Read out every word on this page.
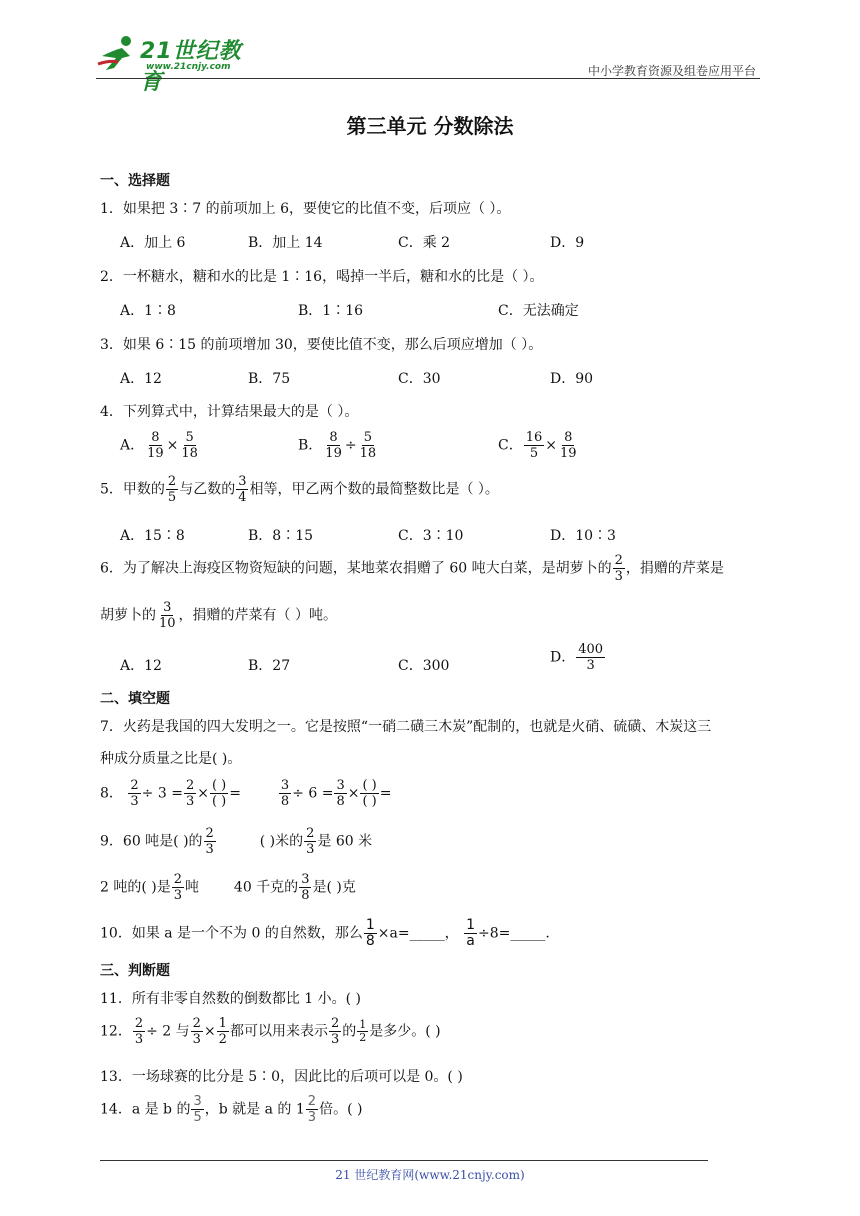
21世纪教育
www.21cnjy.com	中小学教育资源及组卷应用平台
第三单元 分数除法
一、选择题
1．如果把 3∶7 的前项加上 6，要使它的比值不变，后项应（ ）。
A．加上 6	B．加上 14	C．乘 2	D．9
2．一杯糖水，糖和水的比是 1∶16，喝掉一半后，糖和水的比是（ ）。
A．1∶8	B．1∶16	C．无法确定
3．如果 6∶15 的前项增加 30，要使比值不变，那么后项应增加（ ）。
A．12	B．75	C．30	D．90
4．下列算式中，计算结果最大的是（ ）。
A． $\frac{8}{19} \times \frac{5}{18}$	B． $\frac{8}{19} \div \frac{5}{18}$	C． $\frac{16}{5} \times \frac{8}{19}$
5．甲数的 $\frac{2}{5}$ 与乙数的 $\frac{3}{4}$ 相等，甲乙两个数的最简整数比是（ ）。
A．15∶8	B．8∶15	C．3∶10	D．10∶3
6．为了解决上海疫区物资短缺的问题，某地菜农捐赠了 60 吨大白菜，是胡萝卜的 $\frac{2}{3}$ ，捐赠的芹菜是
胡萝卜的 $\frac{3}{10}$ ，捐赠的芹菜有（ ）吨。
A．12	B．27	C．300
D． $\frac{400}{3}$
二、填空题
7．火药是我国的四大发明之一。它是按照“一硝二磺三木炭”配制的，也就是火硝、硫磺、木炭这三
种成分质量之比是( )。
8． $\frac{2}{3} \div 3 = \frac{2}{3} \times \frac{( )}{( )}$ =	$\frac{3}{8} \div 6 = \frac{3}{8} \times \frac{( )}{( )}$ =
9．60 吨是( )的 $\frac{2}{3}$	( )米的 $\frac{2}{3}$ 是 60 米
2 吨的( )是 $\frac{2}{3}$ 吨 40 千克的 $\frac{3}{8}$ 是( )克
10．如果 a 是一个不为 0 的自然数，那么 $\frac{1}{8}$ ×a=_____， $\frac{1}{a}$ ÷8=_____.
三、判断题
11．所有非零自然数的倒数都比 1 小。( )
12． $\frac{2}{3} \div 2$ 与 $\frac{2}{3} \times \frac{1}{2}$ 都可以用来表示 $\frac{2}{3}$ 的 $\frac{1}{2}$ 是多少。( )
13．一场球赛的比分是 5∶0，因此比的后项可以是 0。( )
14．a 是 b 的 $\frac{3}{5}$ ，b 就是 a 的 $1 \frac{2}{3}$ 倍。( )
21 世纪教育网(www.21cnjy.com)
